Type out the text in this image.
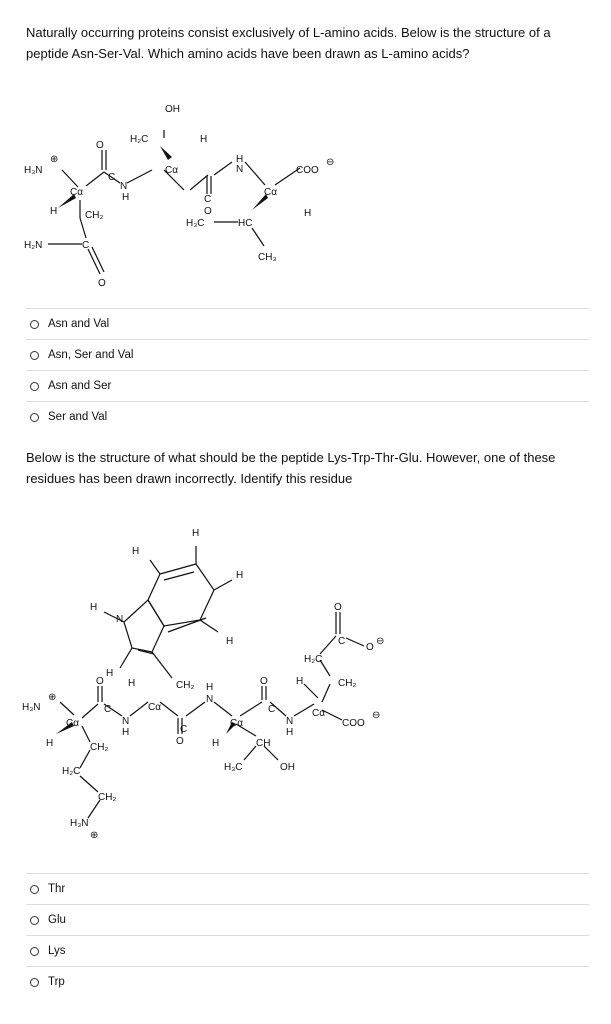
Naturally occurring proteins consist exclusively of L-amino acids. Below is the structure of a peptide Asn-Ser-Val. Which amino acids have been drawn as L-amino acids?
OH
H₂C	H
Cα
H₃N
⊕
Cα
O
C
N
H	C
O
H
N
Cα
COO
⊖
CH₂
H
H₃C	HC
H
CH₃
H₂N	C
O
Asn and Val
Asn, Ser and Val
Asn and Ser
Ser and Val
Below is the structure of what should be the peptide Lys-Trp-Thr-Glu. However, one of these residues has been drawn incorrectly. Identify this residue
H
H
H
H
N
H
H
H	CH₂
Cα
O
C
H₃N
⊕
Cα	N
H
O
C
H
N
Cα
O
C
N
H
H	CH
H₃C	OH
Cα
COO
⊖
H	CH₂
H₂C
C
O
O
⊖
CH₂
H
H₂C
CH₂
H₃N
⊕
Thr
Glu
Lys
Trp
